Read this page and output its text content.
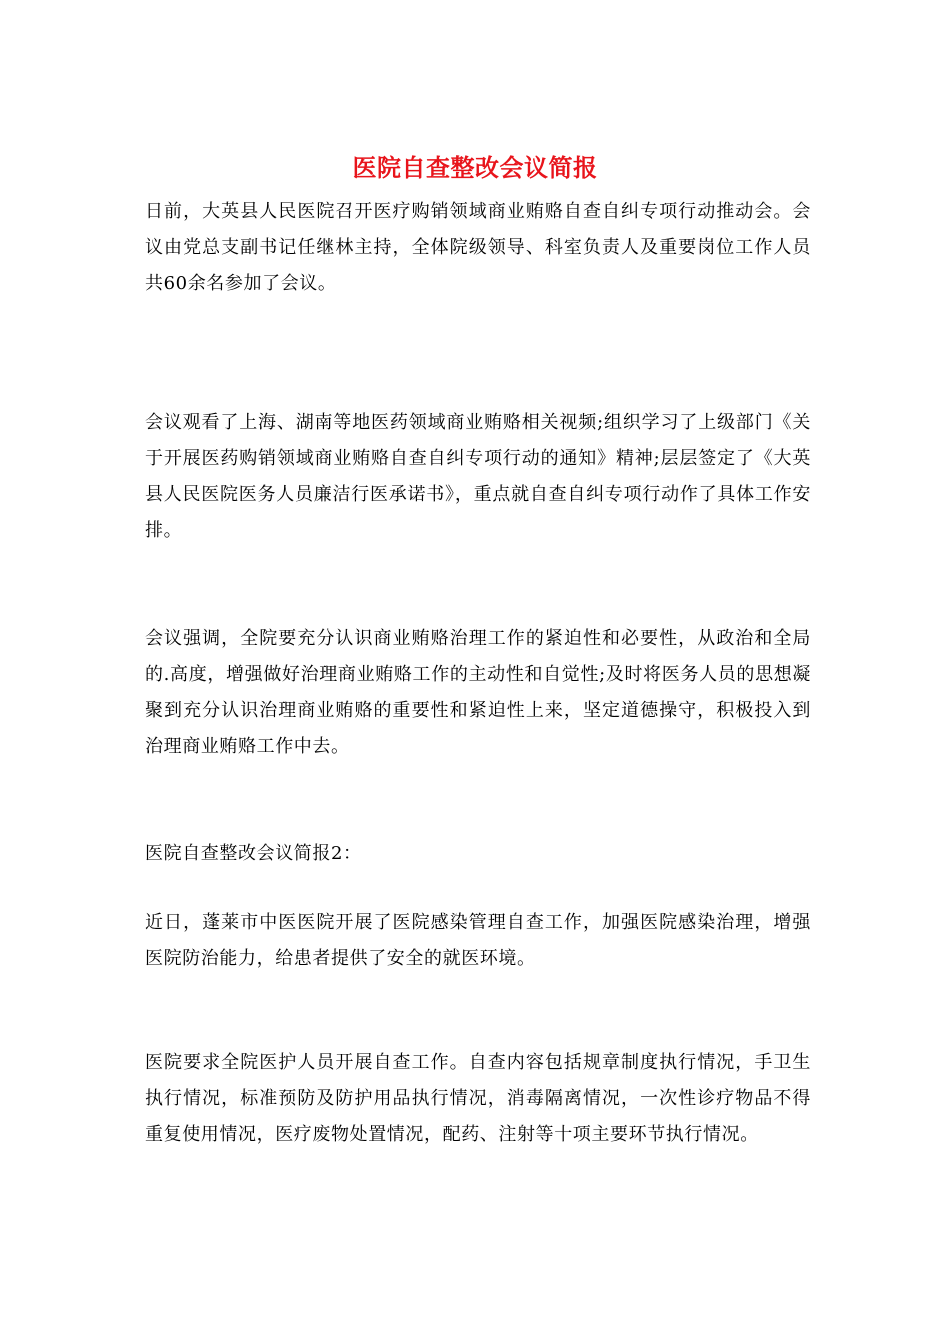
医院自查整改会议简报

日前，大英县人民医院召开医疗购销领域商业贿赂自查自纠专项行动推动会。会议由党总支副书记任继林主持，全体院级领导、科室负责人及重要岗位工作人员共60余名参加了会议。

会议观看了上海、湖南等地医药领域商业贿赂相关视频;组织学习了上级部门《关于开展医药购销领域商业贿赂自查自纠专项行动的通知》精神;层层签定了《大英县人民医院医务人员廉洁行医承诺书》，重点就自查自纠专项行动作了具体工作安排。

会议强调，全院要充分认识商业贿赂治理工作的紧迫性和必要性，从政治和全局的.高度，增强做好治理商业贿赂工作的主动性和自觉性;及时将医务人员的思想凝聚到充分认识治理商业贿赂的重要性和紧迫性上来，坚定道德操守，积极投入到治理商业贿赂工作中去。

医院自查整改会议简报2：

近日，蓬莱市中医医院开展了医院感染管理自查工作，加强医院感染治理，增强医院防治能力，给患者提供了安全的就医环境。

医院要求全院医护人员开展自查工作。自查内容包括规章制度执行情况，手卫生执行情况，标准预防及防护用品执行情况，消毒隔离情况，一次性诊疗物品不得重复使用情况，医疗废物处置情况，配药、注射等十项主要环节执行情况。
